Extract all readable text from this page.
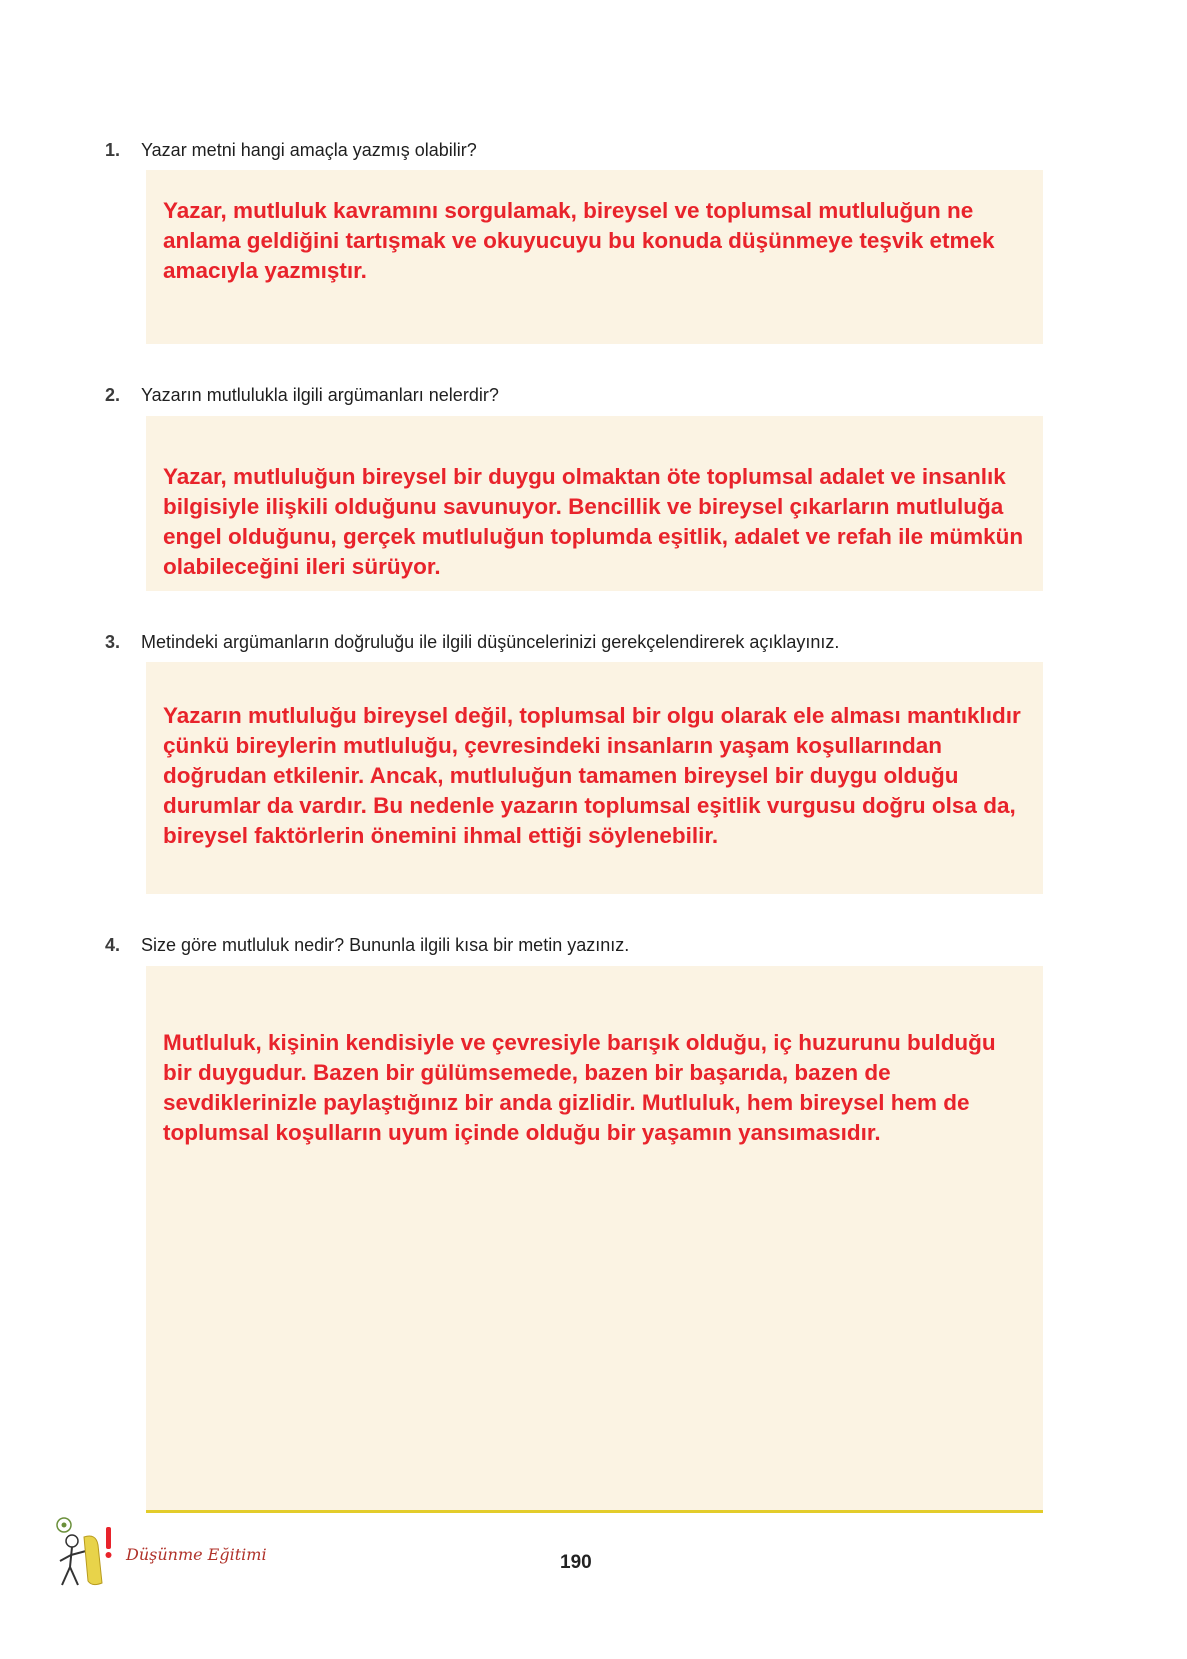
1. Yazar metni hangi amaçla yazmış olabilir?
Yazar, mutluluk kavramını sorgulamak, bireysel ve toplumsal mutluluğun ne anlama geldiğini tartışmak ve okuyucuyu bu konuda düşünmeye teşvik etmek amacıyla yazmıştır.
2. Yazarın mutlulukla ilgili argümanları nelerdir?
Yazar, mutluluğun bireysel bir duygu olmaktan öte toplumsal adalet ve insanlık bilgisiyle ilişkili olduğunu savunuyor. Bencillik ve bireysel çıkarların mutluluğa engel olduğunu, gerçek mutluluğun toplumda eşitlik, adalet ve refah ile mümkün olabileceğini ileri sürüyor.
3. Metindeki argümanların doğruluğu ile ilgili düşüncelerinizi gerekçelendirerek açıklayınız.
Yazarın mutluluğu bireysel değil, toplumsal bir olgu olarak ele alması mantıklıdır çünkü bireylerin mutluluğu, çevresindeki insanların yaşam koşullarından doğrudan etkilenir. Ancak, mutluluğun tamamen bireysel bir duygu olduğu durumlar da vardır. Bu nedenle yazarın toplumsal eşitlik vurgusu doğru olsa da, bireysel faktörlerin önemini ihmal ettiği söylenebilir.
4. Size göre mutluluk nedir? Bununla ilgili kısa bir metin yazınız.
Mutluluk, kişinin kendisiyle ve çevresiyle barışık olduğu, iç huzurunu bulduğu bir duygudur. Bazen bir gülümsemede, bazen bir başarıda, bazen de sevdiklerinizle paylaştığınız bir anda gizlidir. Mutluluk, hem bireysel hem de toplumsal koşulların uyum içinde olduğu bir yaşamın yansımasıdır.
Düşünme Eğitimi	190
